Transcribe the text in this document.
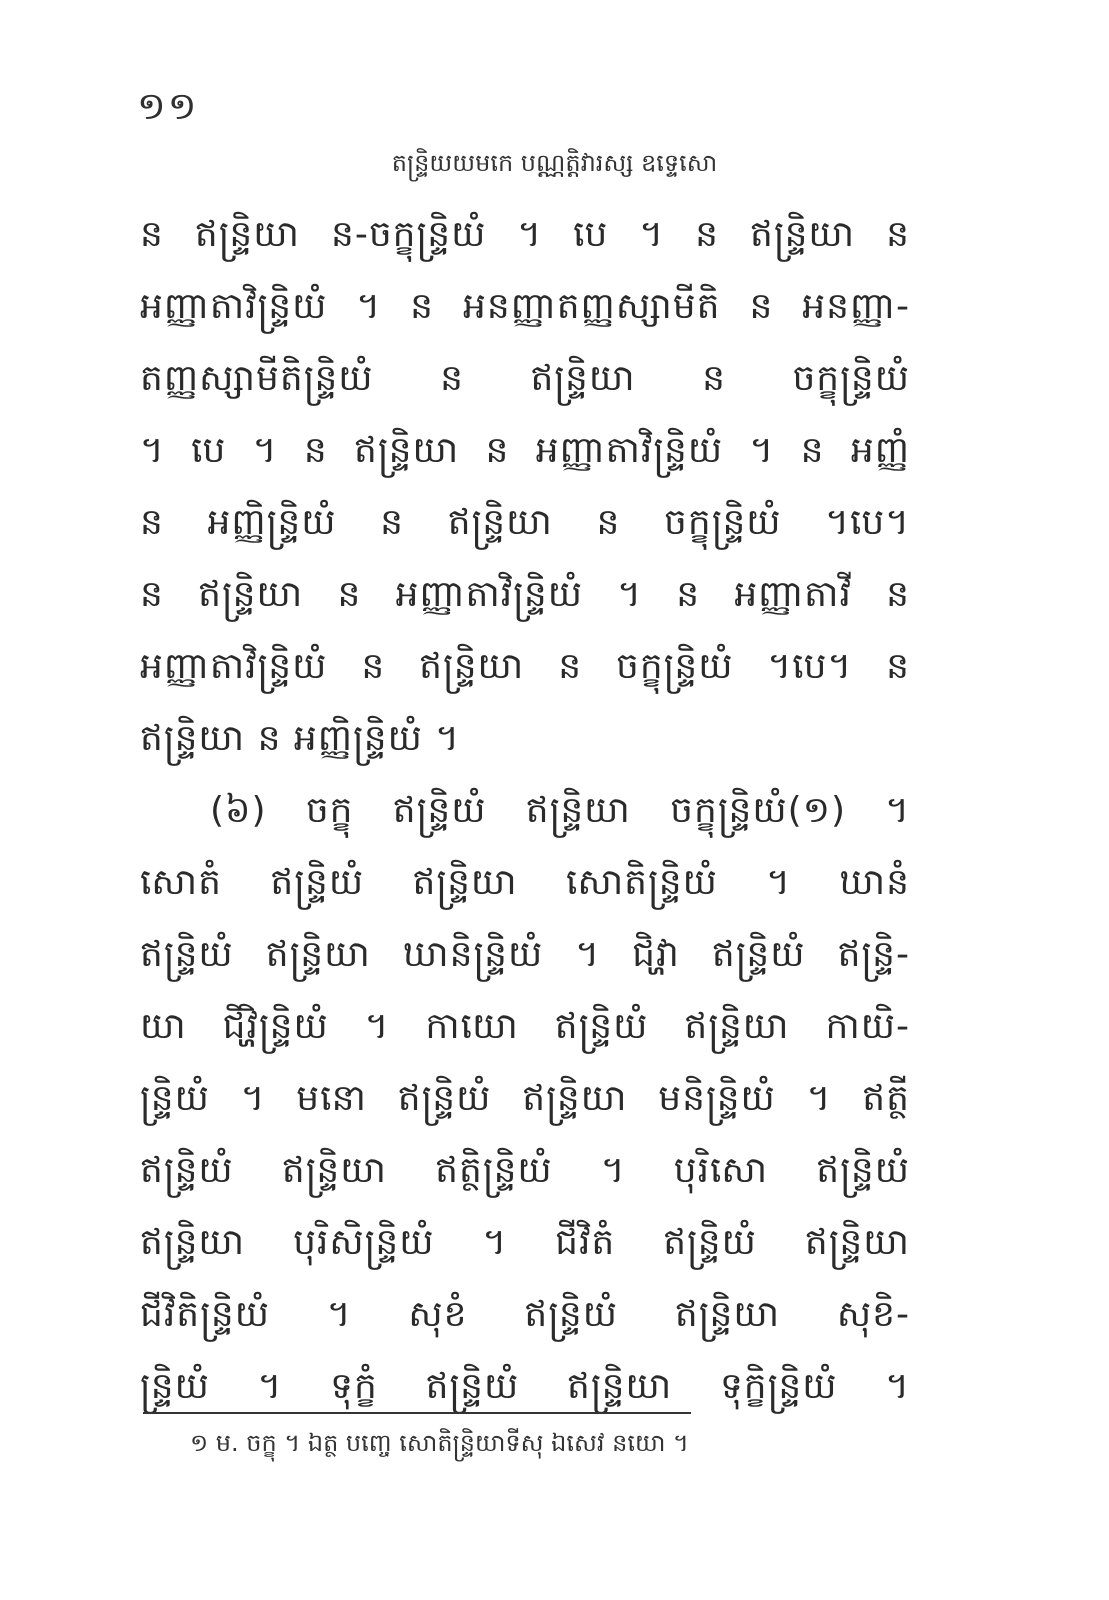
១១
តន្ទ្រិយយមកេ បណ្ណត្តិវារស្ស ឧទ្ទេសោ
ន ឥន្ទ្រិយា ន-ចក្ខុន្ទ្រិយំ ។ បេ ។ ន ឥន្ទ្រិយា ន
អញ្ញាតាវិន្ទ្រិយំ ។ ន អនញ្ញាតញ្ញស្សាមីតិ ន អនញ្ញា-
តញ្ញស្សាមីតិន្ទ្រិយំ ន ឥន្ទ្រិយា ន ចក្ខុន្ទ្រិយំ
។ បេ ។ ន ឥន្ទ្រិយា ន អញ្ញាតាវិន្ទ្រិយំ ។ ន អញ្ញំ
ន អញ្ញិន្ទ្រិយំ ន ឥន្ទ្រិយា ន ចក្ខុន្ទ្រិយំ ។បេ។
ន ឥន្ទ្រិយា ន អញ្ញាតាវិន្ទ្រិយំ ។ ន អញ្ញាតាវី ន
អញ្ញាតាវិន្ទ្រិយំ ន ឥន្ទ្រិយា ន ចក្ខុន្ទ្រិយំ ។បេ។ ន
ឥន្ទ្រិយា ន អញ្ញិន្ទ្រិយំ ។
(៦) ចក្ខុ ឥន្ទ្រិយំ ឥន្ទ្រិយា ចក្ខុន្ទ្រិយំ(១) ។
សោតំ ឥន្ទ្រិយំ ឥន្ទ្រិយា សោតិន្ទ្រិយំ ។ ឃានំ
ឥន្ទ្រិយំ ឥន្ទ្រិយា ឃានិន្ទ្រិយំ ។ ជិវ្ហា ឥន្ទ្រិយំ ឥន្ទ្រិ-
យា ជិវ្ហិន្ទ្រិយំ ។ កាយោ ឥន្ទ្រិយំ ឥន្ទ្រិយា កាយិ-
ន្ទ្រិយំ ។ មនោ ឥន្ទ្រិយំ ឥន្ទ្រិយា មនិន្ទ្រិយំ ។ ឥត្ថី
ឥន្ទ្រិយំ ឥន្ទ្រិយា ឥត្ថិន្ទ្រិយំ ។ បុរិសោ ឥន្ទ្រិយំ
ឥន្ទ្រិយា បុរិសិន្ទ្រិយំ ។ ជីវិតំ ឥន្ទ្រិយំ ឥន្ទ្រិយា
ជីវិតិន្ទ្រិយំ ។ សុខំ ឥន្ទ្រិយំ ឥន្ទ្រិយា សុខិ-
ន្ទ្រិយំ ។ ទុក្ខំ ឥន្ទ្រិយំ ឥន្ទ្រិយា ទុក្ខិន្ទ្រិយំ ។
១ ម. ចក្ខុ ។ ឯត្ថ បញ្ចេ សោតិន្ទ្រិយាទីសុ ឯសេវ នយោ ។
